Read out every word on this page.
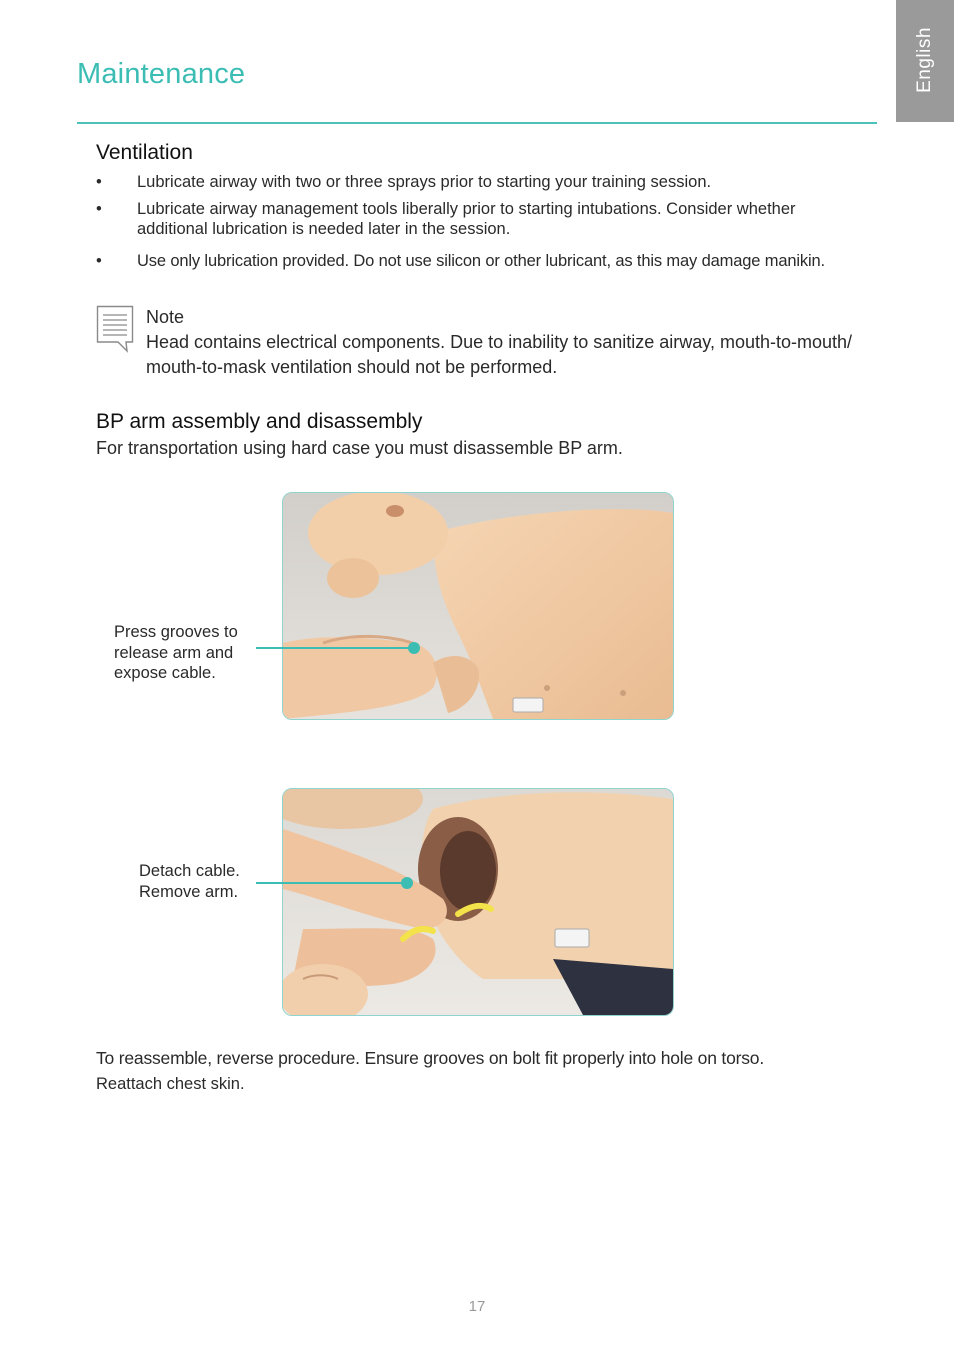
English
Maintenance
Ventilation
• Lubricate airway with two or three sprays prior to starting your training session.
• Lubricate airway management tools liberally prior to starting intubations. Consider whether additional lubrication is needed later in the session.
• Use only lubrication provided. Do not use silicon or other lubricant, as this may damage manikin.
Note
Head contains electrical components. Due to inability to sanitize airway, mouth-to-mouth/ mouth-to-mask ventilation should not be performed.
BP arm assembly and disassembly

For transportation using hard case you must disassemble BP arm.

Press grooves to
release arm and
expose cable.
Detach cable.
Remove arm.

To reassemble, reverse procedure. Ensure grooves on bolt fit properly into hole on torso.

Reattach chest skin.

17
